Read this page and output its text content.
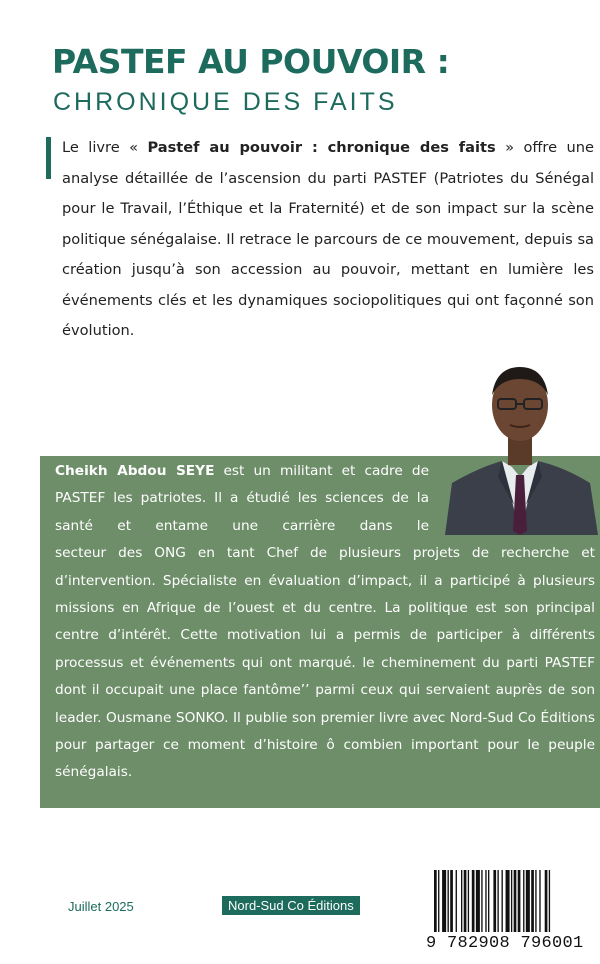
PASTEF AU POUVOIR :
CHRONIQUE DES FAITS

Le livre « Pastef au pouvoir : chronique des faits » offre une analyse détaillée de l’ascension du parti PASTEF (Patriotes du Sénégal pour le Travail, l’Éthique et la Fraternité) et de son impact sur la scène politique sénégalaise. Il retrace le parcours de ce mouvement, depuis sa création jusqu’à son accession au pouvoir, mettant en lumière les événements clés et les dynamiques sociopolitiques qui ont façonné son évolution.

Cheikh Abdou SEYE est un militant et cadre de
PASTEF les patriotes. Il a étudié les sciences de la
santé et entame une carrière dans le
secteur des ONG en tant Chef de plusieurs projets de recherche et d’intervention. Spécialiste en évaluation d’impact, il a participé à plusieurs missions en Afrique de l’ouest et du centre. La politique est son principal centre d’intérêt. Cette motivation lui a permis de participer à différents processus et événements qui ont marqué. le cheminement du parti PASTEF dont il occupait une place fantôme’’ parmi ceux qui servaient auprès de son leader. Ousmane SONKO. Il publie son premier livre avec Nord-Sud Co Éditions pour partager ce moment d’histoire ô combien important pour le peuple sénégalais.

Juillet 2025	Nord-Sud Co Éditions

9 782908 796001
